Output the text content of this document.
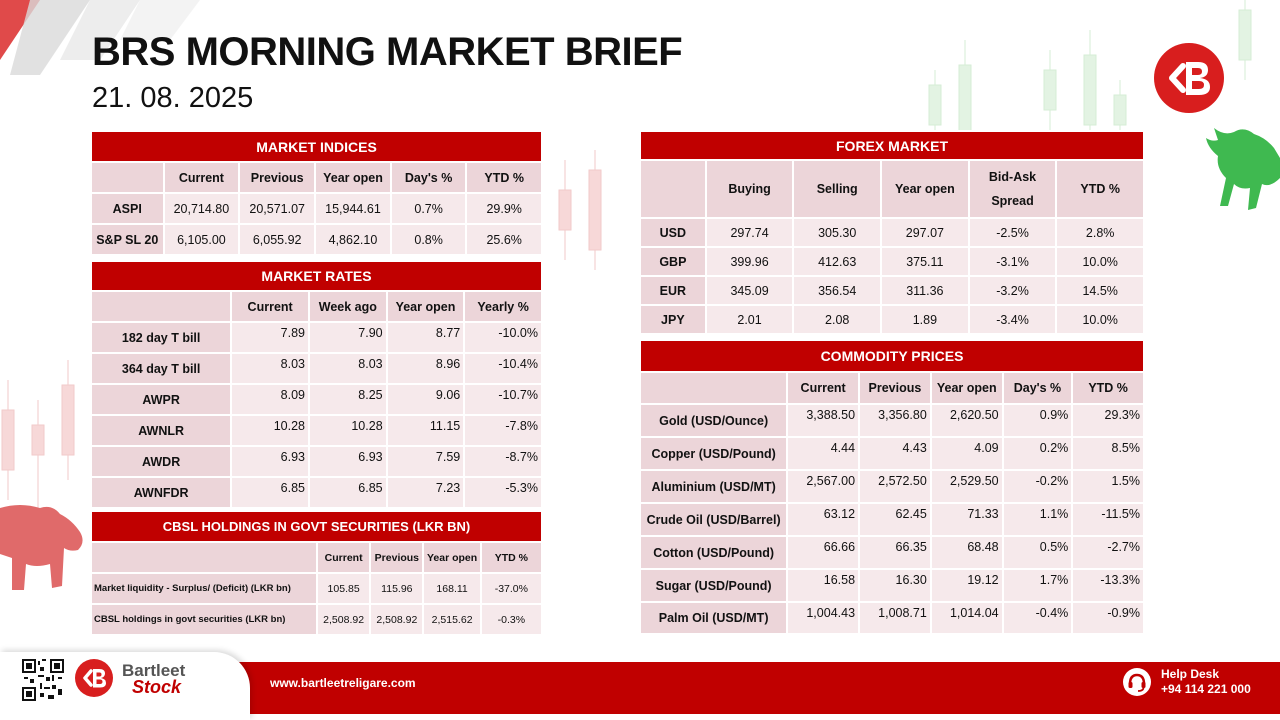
BRS MORNING MARKET BRIEF
21. 08. 2025
MARKET INDICES					
	Current	Previous	Year open	Day's %	YTD %
ASPI	20,714.80	20,571.07	15,944.61	0.7%	29.9%
S&P SL 20	6,105.00	6,055.92	4,862.10	0.8%	25.6%
MARKET RATES				
	Current	Week ago	Year open	Yearly %
182 day T bill	7.89	7.90	8.77	-10.0%
364 day T bill	8.03	8.03	8.96	-10.4%
AWPR	8.09	8.25	9.06	-10.7%
AWNLR	10.28	10.28	11.15	-7.8%
AWDR	6.93	6.93	7.59	-8.7%
AWNFDR	6.85	6.85	7.23	-5.3%
CBSL HOLDINGS IN GOVT SECURITIES (LKR BN)				
	Current	Previous	Year open	YTD %
Market liquidity - Surplus/ (Deficit) (LKR bn)	105.85	115.96	168.11	-37.0%
CBSL holdings in govt securities (LKR bn)	2,508.92	2,508.92	2,515.62	-0.3%
FOREX MARKET					
	Buying	Selling	Year open	Bid-Ask Spread	YTD %
USD	297.74	305.30	297.07	-2.5%	2.8%
GBP	399.96	412.63	375.11	-3.1%	10.0%
EUR	345.09	356.54	311.36	-3.2%	14.5%
JPY	2.01	2.08	1.89	-3.4%	10.0%
COMMODITY PRICES					
	Current	Previous	Year open	Day's %	YTD %
Gold (USD/Ounce)	3,388.50	3,356.80	2,620.50	0.9%	29.3%
Copper (USD/Pound)	4.44	4.43	4.09	0.2%	8.5%
Aluminium (USD/MT)	2,567.00	2,572.50	2,529.50	-0.2%	1.5%
Crude Oil (USD/Barrel)	63.12	62.45	71.33	1.1%	-11.5%
Cotton (USD/Pound)	66.66	66.35	68.48	0.5%	-2.7%
Sugar (USD/Pound)	16.58	16.30	19.12	1.7%	-13.3%
Palm Oil (USD/MT)	1,004.43	1,008.71	1,014.04	-0.4%	-0.9%
Bartleet
Stock	www.bartleetreligare.com
Help Desk
+94 114 221 000
